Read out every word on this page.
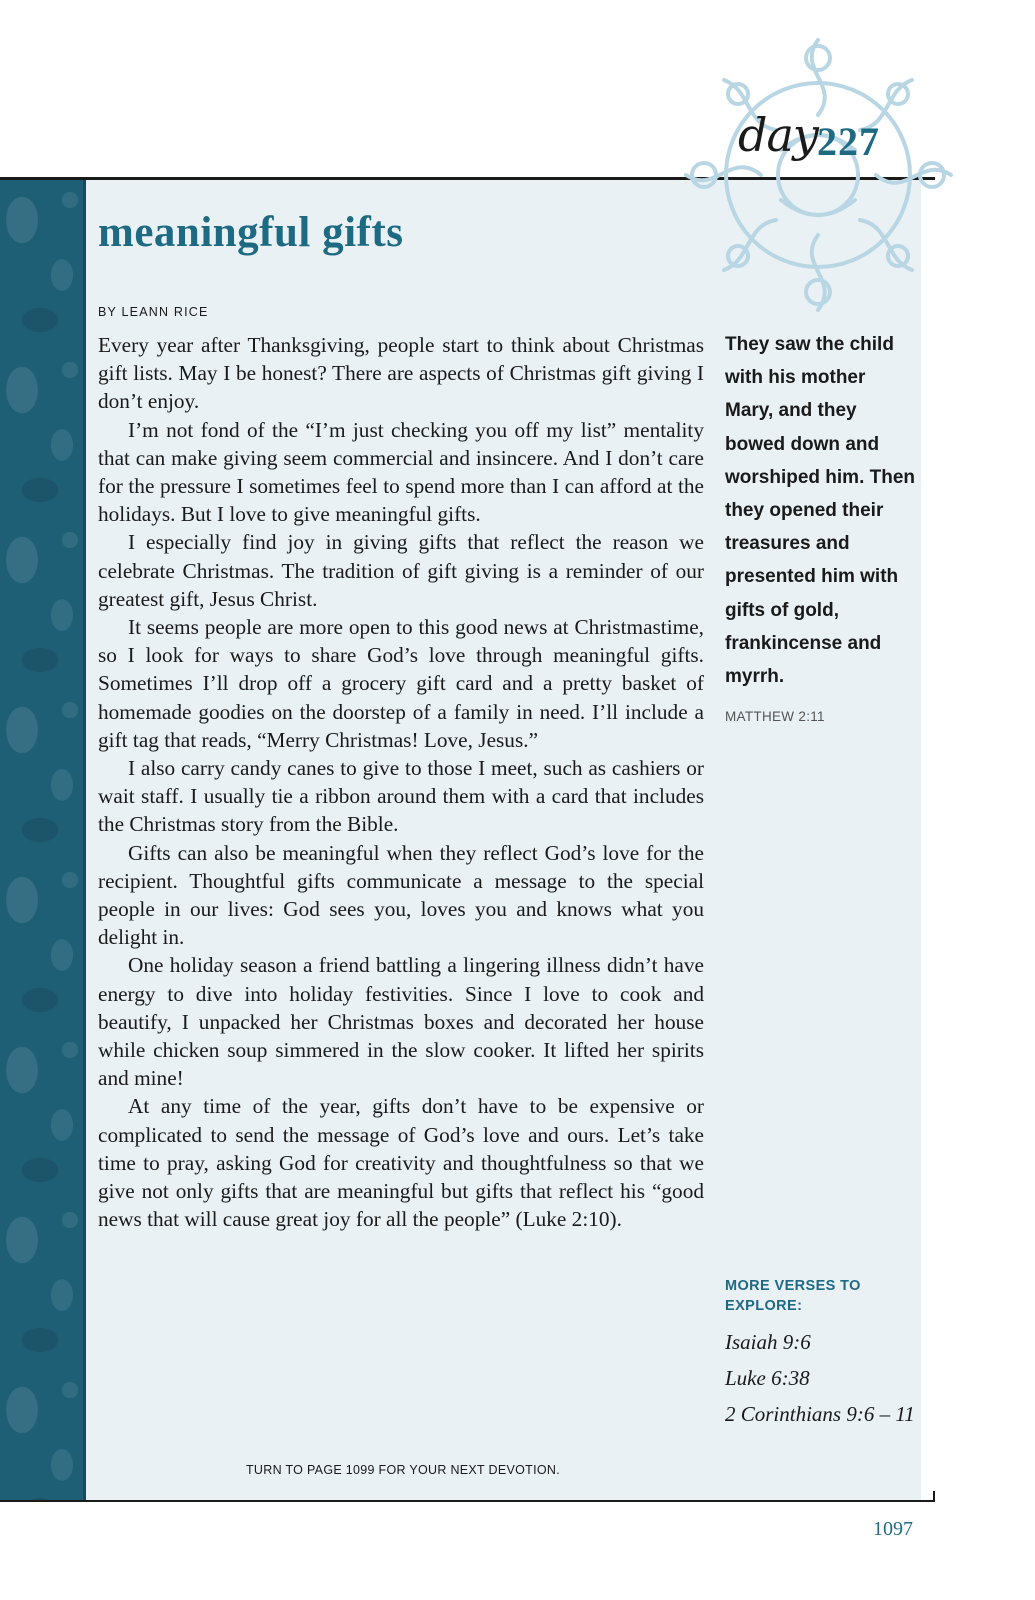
day 227
meaningful gifts
BY LEANN RICE

Every year after Thanksgiving, people start to think about Christmas gift lists. May I be honest? There are aspects of Christmas gift giving I don’t enjoy.

I’m not fond of the “I’m just checking you off my list” mentality that can make giving seem commercial and insincere. And I don’t care for the pressure I sometimes feel to spend more than I can afford at the holidays. But I love to give meaningful gifts.

I especially find joy in giving gifts that reflect the reason we celebrate Christmas. The tradition of gift giving is a reminder of our greatest gift, Jesus Christ.

It seems people are more open to this good news at Christmastime, so I look for ways to share God’s love through meaningful gifts. Sometimes I’ll drop off a grocery gift card and a pretty basket of homemade goodies on the doorstep of a family in need. I’ll include a gift tag that reads, “Merry Christmas! Love, Jesus.”

I also carry candy canes to give to those I meet, such as cashiers or wait staff. I usually tie a ribbon around them with a card that includes the Christmas story from the Bible.

Gifts can also be meaningful when they reflect God’s love for the recipient. Thoughtful gifts communicate a message to the special people in our lives: God sees you, loves you and knows what you delight in.

One holiday season a friend battling a lingering illness didn’t have energy to dive into holiday festivities. Since I love to cook and beautify, I unpacked her Christmas boxes and decorated her house while chicken soup simmered in the slow cooker. It lifted her spirits and mine!

At any time of the year, gifts don’t have to be expensive or complicated to send the message of God’s love and ours. Let’s take time to pray, asking God for creativity and thoughtfulness so that we give not only gifts that are meaningful but gifts that reflect his “good news that will cause great joy for all the people” (Luke 2:10).

They saw the child with his mother Mary, and they bowed down and worshiped him. Then they opened their treasures and presented him with gifts of gold, frankincense and myrrh.
MATTHEW 2:11
MORE VERSES TO EXPLORE:
Isaiah 9:6
Luke 6:38
2 Corinthians 9:6 – 11
TURN TO PAGE 1099 FOR YOUR NEXT DEVOTION.
1097
